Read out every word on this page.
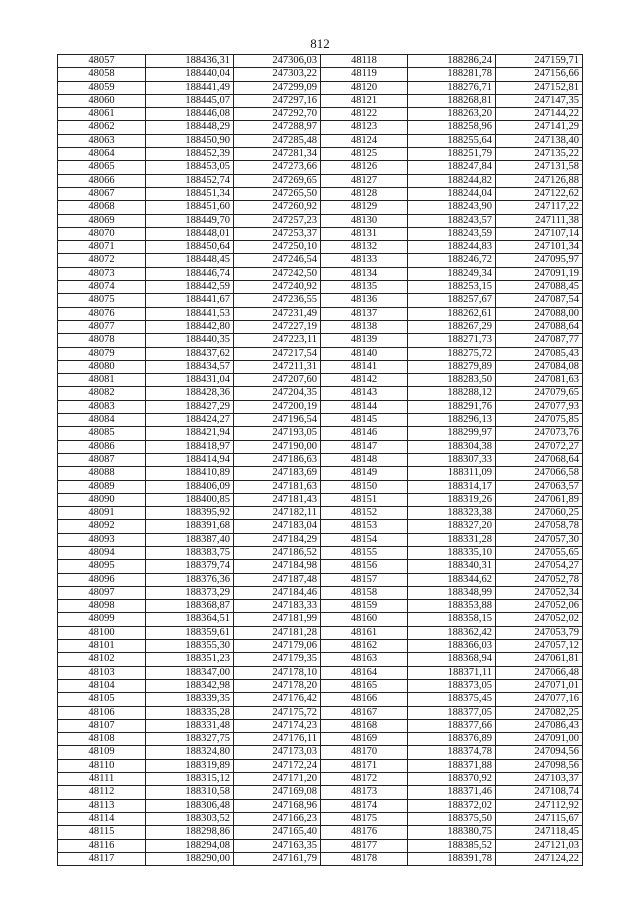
812
48057	188436,31	247306,03	48118	188286,24	247159,71
48058	188440,04	247303,22	48119	188281,78	247156,66
48059	188441,49	247299,09	48120	188276,71	247152,81
48060	188445,07	247297,16	48121	188268,81	247147,35
48061	188446,08	247292,70	48122	188263,20	247144,22
48062	188448,29	247288,97	48123	188258,96	247141,29
48063	188450,90	247285,48	48124	188255,64	247138,40
48064	188452,39	247281,34	48125	188251,79	247135,22
48065	188453,05	247273,66	48126	188247,84	247131,58
48066	188452,74	247269,65	48127	188244,82	247126,88
48067	188451,34	247265,50	48128	188244,04	247122,62
48068	188451,60	247260,92	48129	188243,90	247117,22
48069	188449,70	247257,23	48130	188243,57	247111,38
48070	188448,01	247253,37	48131	188243,59	247107,14
48071	188450,64	247250,10	48132	188244,83	247101,34
48072	188448,45	247246,54	48133	188246,72	247095,97
48073	188446,74	247242,50	48134	188249,34	247091,19
48074	188442,59	247240,92	48135	188253,15	247088,45
48075	188441,67	247236,55	48136	188257,67	247087,54
48076	188441,53	247231,49	48137	188262,61	247088,00
48077	188442,80	247227,19	48138	188267,29	247088,64
48078	188440,35	247223,11	48139	188271,73	247087,77
48079	188437,62	247217,54	48140	188275,72	247085,43
48080	188434,57	247211,31	48141	188279,89	247084,08
48081	188431,04	247207,60	48142	188283,50	247081,63
48082	188428,36	247204,35	48143	188288,12	247079,65
48083	188427,29	247200,19	48144	188291,76	247077,93
48084	188424,27	247196,54	48145	188296,13	247075,85
48085	188421,94	247193,05	48146	188299,97	247073,76
48086	188418,97	247190,00	48147	188304,38	247072,27
48087	188414,94	247186,63	48148	188307,33	247068,64
48088	188410,89	247183,69	48149	188311,09	247066,58
48089	188406,09	247181,63	48150	188314,17	247063,57
48090	188400,85	247181,43	48151	188319,26	247061,89
48091	188395,92	247182,11	48152	188323,38	247060,25
48092	188391,68	247183,04	48153	188327,20	247058,78
48093	188387,40	247184,29	48154	188331,28	247057,30
48094	188383,75	247186,52	48155	188335,10	247055,65
48095	188379,74	247184,98	48156	188340,31	247054,27
48096	188376,36	247187,48	48157	188344,62	247052,78
48097	188373,29	247184,46	48158	188348,99	247052,34
48098	188368,87	247183,33	48159	188353,88	247052,06
48099	188364,51	247181,99	48160	188358,15	247052,02
48100	188359,61	247181,28	48161	188362,42	247053,79
48101	188355,30	247179,06	48162	188366,03	247057,12
48102	188351,23	247179,35	48163	188368,94	247061,81
48103	188347,00	247178,10	48164	188371,11	247066,48
48104	188342,98	247178,20	48165	188373,05	247071,01
48105	188339,35	247176,42	48166	188375,45	247077,16
48106	188335,28	247175,72	48167	188377,05	247082,25
48107	188331,48	247174,23	48168	188377,66	247086,43
48108	188327,75	247176,11	48169	188376,89	247091,00
48109	188324,80	247173,03	48170	188374,78	247094,56
48110	188319,89	247172,24	48171	188371,88	247098,56
48111	188315,12	247171,20	48172	188370,92	247103,37
48112	188310,58	247169,08	48173	188371,46	247108,74
48113	188306,48	247168,96	48174	188372,02	247112,92
48114	188303,52	247166,23	48175	188375,50	247115,67
48115	188298,86	247165,40	48176	188380,75	247118,45
48116	188294,08	247163,35	48177	188385,52	247121,03
48117	188290,00	247161,79	48178	188391,78	247124,22
